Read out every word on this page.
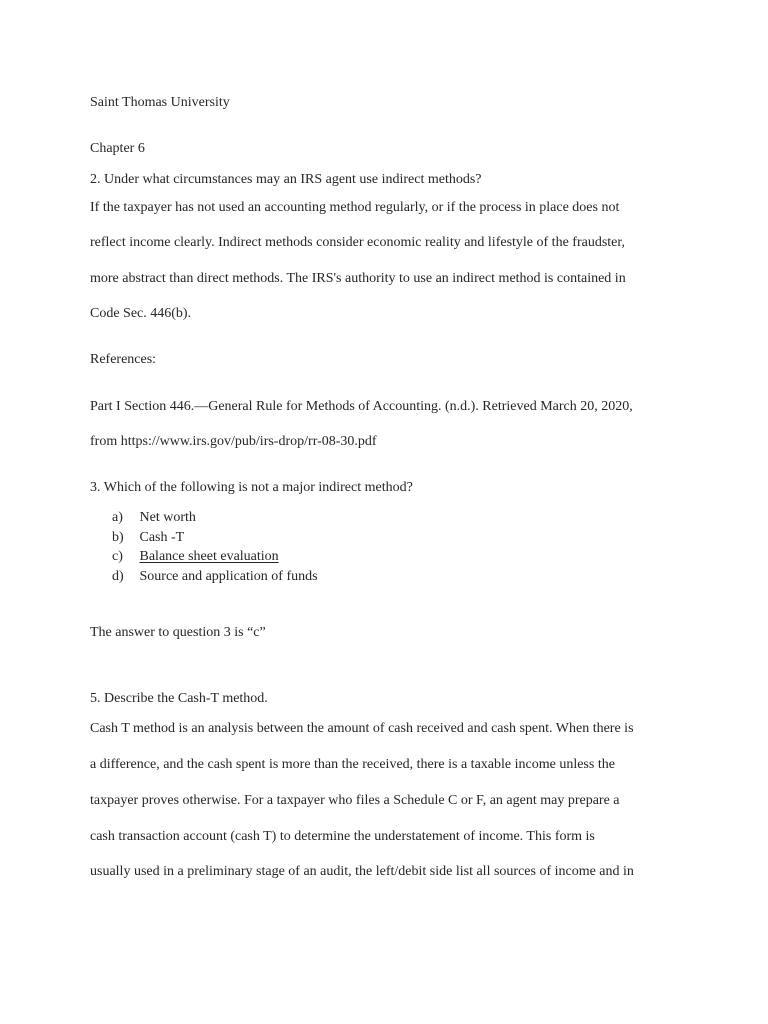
Saint Thomas University
Chapter 6
2. Under what circumstances may an IRS agent use indirect methods?
If the taxpayer has not used an accounting method regularly, or if the process in place does not
reflect income clearly. Indirect methods consider economic reality and lifestyle of the fraudster,
more abstract than direct methods. The IRS's authority to use an indirect method is contained in
Code Sec. 446(b).
References:
Part I Section 446.—General Rule for Methods of Accounting. (n.d.). Retrieved March 20, 2020,
from https://www.irs.gov/pub/irs-drop/rr-08-30.pdf
3. Which of the following is not a major indirect method?
a) Net worth
b) Cash -T
c) Balance sheet evaluation
d) Source and application of funds
The answer to question 3 is “c”
5. Describe the Cash-T method.
Cash T method is an analysis between the amount of cash received and cash spent. When there is
a difference, and the cash spent is more than the received, there is a taxable income unless the
taxpayer proves otherwise. For a taxpayer who files a Schedule C or F, an agent may prepare a
cash transaction account (cash T) to determine the understatement of income. This form is
usually used in a preliminary stage of an audit, the left/debit side list all sources of income and in
